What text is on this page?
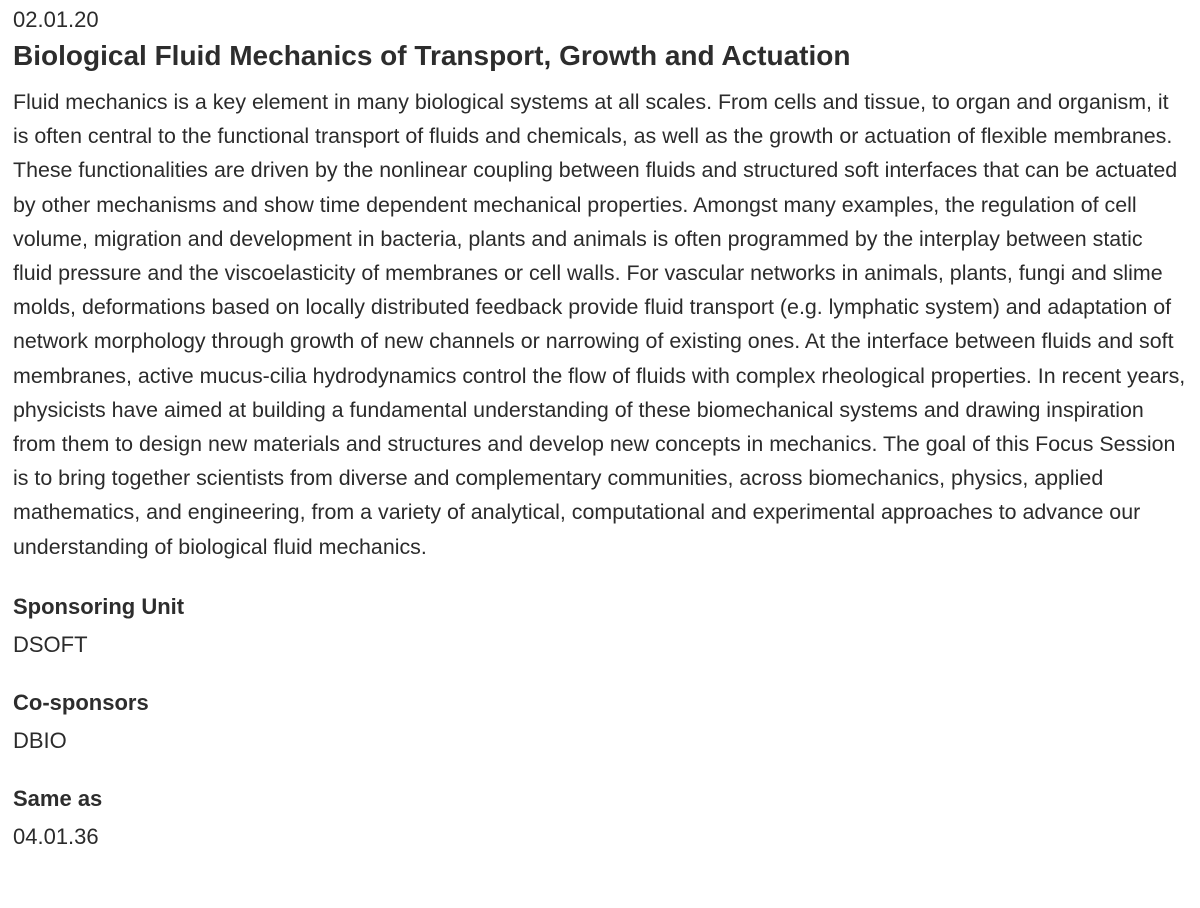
02.01.20

Biological Fluid Mechanics of Transport, Growth and Actuation

Fluid mechanics is a key element in many biological systems at all scales. From cells and tissue, to organ and organism, it is often central to the functional transport of fluids and chemicals, as well as the growth or actuation of flexible membranes. These functionalities are driven by the nonlinear coupling between fluids and structured soft interfaces that can be actuated by other mechanisms and show time dependent mechanical properties. Amongst many examples, the regulation of cell volume, migration and development in bacteria, plants and animals is often programmed by the interplay between static fluid pressure and the viscoelasticity of membranes or cell walls. For vascular networks in animals, plants, fungi and slime molds, deformations based on locally distributed feedback provide fluid transport (e.g. lymphatic system) and adaptation of network morphology through growth of new channels or narrowing of existing ones. At the interface between fluids and soft membranes, active mucus-cilia hydrodynamics control the flow of fluids with complex rheological properties. In recent years, physicists have aimed at building a fundamental understanding of these biomechanical systems and drawing inspiration from them to design new materials and structures and develop new concepts in mechanics. The goal of this Focus Session is to bring together scientists from diverse and complementary communities, across biomechanics, physics, applied mathematics, and engineering, from a variety of analytical, computational and experimental approaches to advance our understanding of biological fluid mechanics.

Sponsoring Unit

DSOFT

Co-sponsors

DBIO

Same as

04.01.36
